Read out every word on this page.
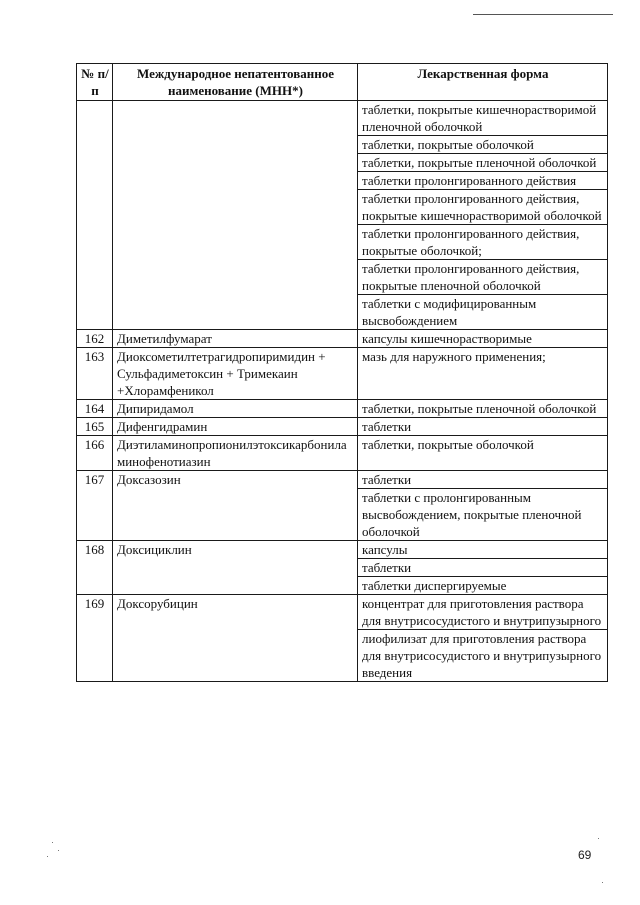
№ п/п	Международное непатентованное наименование (МНН*)	Лекарственная форма
		таблетки, покрытые кишечнорастворимой пленочной оболочкой
		таблетки, покрытые оболочкой
		таблетки, покрытые пленочной оболочкой
		таблетки пролонгированного действия
		таблетки пролонгированного действия, покрытые кишечнорастворимой оболочкой
		таблетки пролонгированного действия, покрытые оболочкой;
		таблетки пролонгированного действия, покрытые пленочной оболочкой
		таблетки с модифицированным высвобождением
162	Диметилфумарат	капсулы кишечнорастворимые
163	Диоксометилтетрагидропиримидин + Сульфадиметоксин + Тримекаин +Хлорамфеникол	мазь для наружного применения;
164	Дипиридамол	таблетки, покрытые пленочной оболочкой
165	Дифенгидрамин	таблетки
166	Диэтиламинопропионилэтоксикарбониламинофенотиазин	таблетки, покрытые оболочкой
167	Доксазозин	таблетки
		таблетки с пролонгированным высвобождением, покрытые пленочной оболочкой
168	Доксициклин	капсулы
		таблетки
		таблетки диспергируемые
169	Доксорубицин	концентрат для приготовления раствора для внутрисосудистого и внутрипузырного
		лиофилизат для приготовления раствора для внутрисосудистого и внутрипузырного введения
69
